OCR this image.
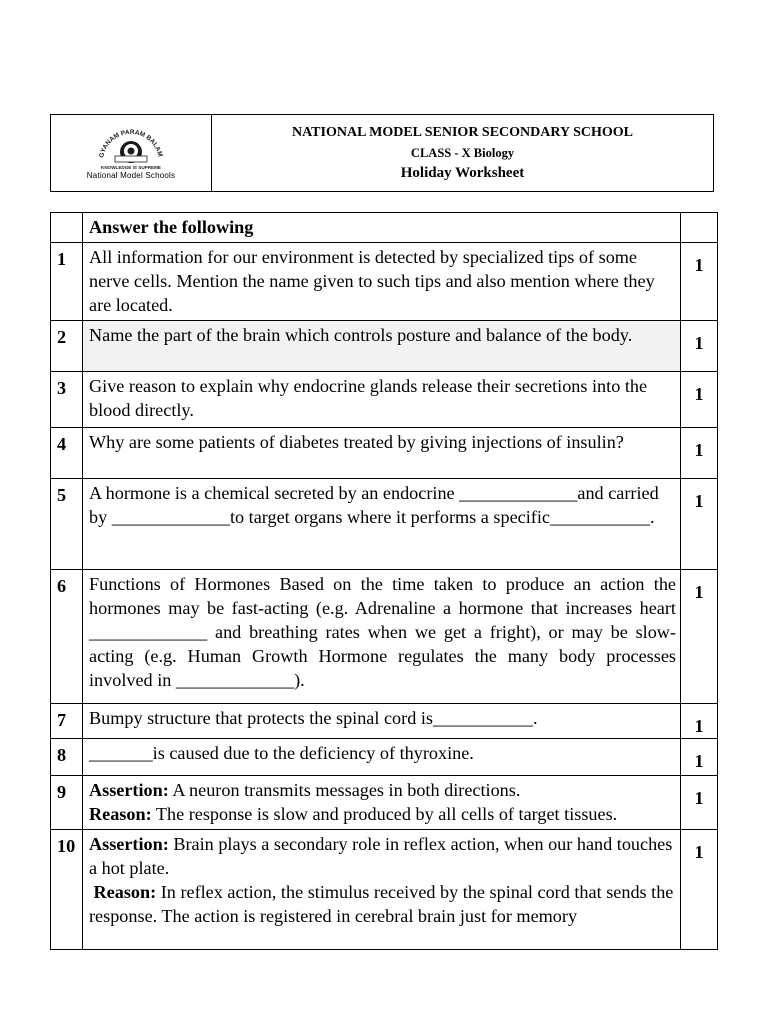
GYANAM PARAM BALAM
KNOWLEDGE IS SUPREME
National Model Schools
NATIONAL MODEL SENIOR SECONDARY SCHOOL
CLASS - X Biology
Holiday Worksheet
	Answer the following	
1	All information for our environment is detected by specialized tips of some nerve cells. Mention the name given to such tips and also mention where they are located.	1
2	Name the part of the brain which controls posture and balance of the body.	1
3	Give reason to explain why endocrine glands release their secretions into the blood directly.	1
4	Why are some patients of diabetes treated by giving injections of insulin?	1
5	A hormone is a chemical secreted by an endocrine _____________and carried by _____________to target organs where it performs a specific___________.	1
6	Functions of Hormones Based on the time taken to produce an action the hormones may be fast-acting (e.g. Adrenaline a hormone that increases heart _____________ and breathing rates when we get a fright), or may be slow-acting (e.g. Human Growth Hormone regulates the many body processes involved in _____________).	1
7	Bumpy structure that protects the spinal cord is___________.	1
8	_______is caused due to the deficiency of thyroxine.	1
9	Assertion: A neuron transmits messages in both directions.
Reason: The response is slow and produced by all cells of target tissues.	1
10	Assertion: Brain plays a secondary role in reflex action, when our hand touches a hot plate.
Reason: In reflex action, the stimulus received by the spinal cord that sends the response. The action is registered in cerebral brain just for memory	1
